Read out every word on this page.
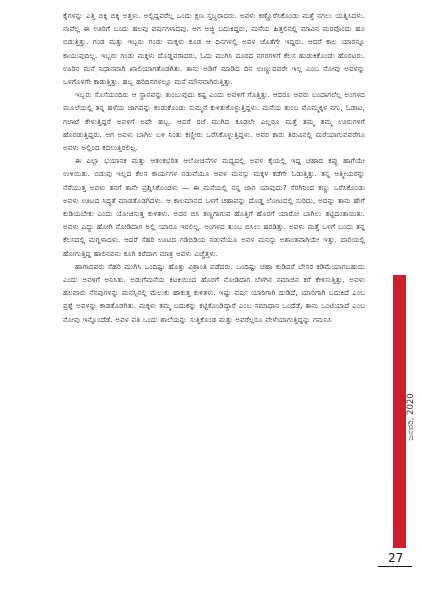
ಕೈಗಳನ್ನು ಎತ್ತಿ ಬಿಕ್ಕಿ ಬಿಕ್ಕಿ ಅತ್ತಳು. ಅಲ್ಲಿದ್ದವರೆಲ್ಲ ಒಂದು ಕ್ಷಣ ಸ್ತಬ್ಧರಾದರು. ಅವಳು ಕಣ್ಣೊರೆಸಿಕೊಂಡು ಮತ್ತೆ ನಗಲು ಯತ್ನಿಸಿದಳು. ನಾವೆಲ್ಲ ಈ ಊರಿಗೆ ಬಂದು ಹಲವು ವರ್ಷಗಳಾದವು. ಆಗ ಅಜ್ಜಿ ಬದುಕಿದ್ದರು, ಮನೆಯ ಹಿತ್ತಲಿನಲ್ಲಿ ಮಾವಿನ ಮರವೊಂದು ಹೂ ಬಿಡುತ್ತಿತ್ತು. ಗಂಡ ಮತ್ತು ಇಬ್ಬರು ಗಂಡು ಮಕ್ಕಳು ಕೂಡ ಆ ದಿನಗಳಲ್ಲಿ ಅವಳ ಜೊತೆಗೇ ಇದ್ದರು. ಆದರೆ ಕಾಲ ಯಾರನ್ನೂ ಕಾಯುವುದಿಲ್ಲ. ಇಬ್ಬರು ಗಂಡು ಮಕ್ಕಳು ದೊಡ್ಡವರಾದರು, ಓದು ಮುಗಿಸಿ ದೂರದ ನಗರಗಳಿಗೆ ಕೆಲಸ ಹುಡುಕಿಕೊಂಡು ಹೊರಟರು. ಊರಿನ ಮನೆ ನಿಧಾನವಾಗಿ ಖಾಲಿಯಾಗತೊಡಗಿತು. ತಾನು ಅಡಿಗೆ ಮಾಡಿದ ದಿನ ಉಣ್ಣುವವರೇ ಇಲ್ಲ ಎಂಬ ನೋವು ಅವಳನ್ನು ಒಳಗೊಳಗೇ ಕಾಡುತ್ತಿತ್ತು. ಹಬ್ಬ ಹರಿದಿನಗಳಲ್ಲೂ ಮನೆ ಮೌನವಾಗಿರುತ್ತಿತ್ತು.

ಇಬ್ಬರು ಸೊಸೆಯಂದಿರು ಆ ಸ್ಥಾನವನ್ನು ತುಂಬುವುದು ಕಷ್ಟ ಎಂದು ಅವಳಿಗೆ ಗೊತ್ತಿತ್ತು. ಆದರೂ ಅವರು ಬಂದಾಗಲೆಲ್ಲ ಅಂಗಳದ ಮೂಲೆಯಲ್ಲಿ ತನ್ನ ಹಳೆಯ ಜಾಗವನ್ನು ಕಂಡುಕೊಂಡು ಸುಮ್ಮನೆ ಕುಳಿತುಕೊಳ್ಳುತ್ತಿದ್ದಳು. ಮನೆಯ ತುಂಬ ಮೊಮ್ಮಕ್ಕಳ ನಗು, ಓಡಾಟ, ಗಲಾಟೆ ಕೇಳುತ್ತಿದ್ದರೆ ಅವಳಿಗೆ ಅದೇ ಹಬ್ಬ. ಆದರೆ ರಜೆ ಮುಗಿದ ಕೂಡಲೇ ಎಲ್ಲರೂ ಮತ್ತೆ ತಮ್ಮ ತಮ್ಮ ಊರುಗಳಿಗೆ ಹೊರಡುತ್ತಿದ್ದರು. ಆಗ ಅವಳು ಬಾಗಿಲ ಬಳಿ ನಿಂತು ಕಣ್ಣೀರು ಒರೆಸಿಕೊಳ್ಳುತ್ತಿದ್ದಳು. ಅವರ ಕಾರು ತಿರುವಿನಲ್ಲಿ ಮರೆಯಾಗುವವರೆಗೂ ಅವಳು ಅಲ್ಲಿಂದ ಕದಲುತ್ತಿರಲಿಲ್ಲ.

ಈ ಎಲ್ಲಾ ಭಯಾನಕ ಮತ್ತು ಆತಂಕಭರಿತ ಆಲೋಚನೆಗಳ ಮಧ್ಯದಲ್ಲಿ ಅವಳ ಕೈಯಲ್ಲಿ ಇದ್ದ ಚಹಾದ ಕಪ್ಪು ಹಾಗೆಯೇ ಉಳಿಯಿತು. ಬಿಡುವು ಇಲ್ಲದ ಕೆಲಸ ಕಾರ್ಯಗಳ ನಡುವೆಯೂ ಅವಳ ಮನಸ್ಸು ಮಕ್ಕಳ ಕಡೆಗೇ ಓಡುತ್ತಿತ್ತು. ತನ್ನ ಆತ್ಮೀಯರನ್ನು ನೆನೆಯುತ್ತ ಅವಳು ತನಗೆ ತಾನೇ ಪ್ರಶ್ನಿಸಿಕೊಂಡಳು — ಈ ಮನೆಯಲ್ಲಿ ನನ್ನ ಜಾಗ ಯಾವುದು? ಸೆರಗಿನಿಂದ ಕಣ್ಣು ಒರೆಸಿಕೊಂಡು ಅವಳು ಊಟದ ಸಿದ್ಧತೆ ಮಾಡತೊಡಗಿದಳು. ಆ ಕಾಲಮಾನದ ಒಳಗೆ ಚಹಾವನ್ನು ದೊಡ್ಡ ಲೋಟದಲ್ಲಿ ಸುರಿದು, ಅದನ್ನು ತಾನು ಹೇಗೆ ಕುಡಿಯಬೇಕು ಎಂದು ಯೋಚಿಸುತ್ತ ಕುಳಿತಳು. ಅದರ ಬಿಸಿ ತಣ್ಣಗಾಗುವ ಹೊತ್ತಿಗೆ ಹೊರಗೆ ಯಾರೋ ಬಾಗಿಲು ತಟ್ಟಿದಂತಾಯಿತು. ಅವಳು ಎದ್ದು ಹೋಗಿ ನೋಡಿದಾಗ ಅಲ್ಲಿ ಯಾರೂ ಇರಲಿಲ್ಲ. ಅಂಗಳದ ತುಂಬ ಬಿಸಿಲು ಹರಡಿತ್ತು. ಅವಳು ಮತ್ತೆ ಒಳಗೆ ಬಂದು ತನ್ನ ಕೆಲಸದಲ್ಲಿ ಮಗ್ನಳಾದಳು. ಆದರೆ ಸೆಹರಿ ಊಟದ ಗಡಿಬಿಡಿಯ ನಡುವೆಯೂ ಅವಳ ಮನಸ್ಸು ಅಶಾಂತವಾಗಿಯೇ ಇತ್ತು. ದಾರಿಯಲ್ಲಿ ಹೋಗುತ್ತಿದ್ದ ಹಾಲಿನವನು ಕೂಗಿ ಕರೆದಾಗ ಮಾತ್ರ ಅವಳು ಎಚ್ಚೆತ್ತಳು.

ಹಾಗಾದವರು ಸೆಹರಿ ಮುಗಿಸಿ ಒಂದಿಷ್ಟು ಹೊತ್ತು ವಿಶ್ರಾಂತಿ ಪಡೆದರು. ಒಂದಿಷ್ಟು ಚಹಾ ಕುಡಿದರೆ ಬೇಸರ ಕಡಿಮೆಯಾಗಬಹುದು ಎಂದು ಅವಳಿಗೆ ಅನಿಸಿತು. ಅಡುಗೆಮನೆಯ ಕಿಟಕಿಯಿಂದ ಹೊರಗೆ ನೋಡಿದಾಗ ಬೆಳಗಿನ ನಮಾಜಿನ ಕರೆ ಕೇಳಿಸುತ್ತಿತ್ತು. ಅವಳು ಹಲವಾರು ನೆನಪುಗಳನ್ನು ಮನಸ್ಸಿನಲ್ಲಿ ಮೆಲುಕು ಹಾಕುತ್ತ ಕುಳಿತಳು. ಇಷ್ಟು ವರ್ಷ ಯಾರಿಗಾಗಿ ದುಡಿದೆ, ಯಾರಿಗಾಗಿ ಬದುಕಿದೆ ಎಂಬ ಪ್ರಶ್ನೆ ಅವಳನ್ನು ಕಾಡತೊಡಗಿತು. ಮಕ್ಕಳು ತಮ್ಮ ಬದುಕನ್ನು ಕಟ್ಟಿಕೊಂಡಿದ್ದಾರೆ ಎಂಬ ಸಮಾಧಾನ ಒಂದೆಡೆ, ತಾನು ಒಂಟಿಯಾದೆ ಎಂಬ ನೋವು ಇನ್ನೊಂದೆಡೆ. ಅವಳ ಪತಿ ಒಂದು ಶಾಲೆಯನ್ನು ಸುತ್ತಿಕೊಂಡ ಮತ್ತು ಅವರೆಲ್ಲರೂ ವೇಳೆಯಾಗುತ್ತಿದ್ದನ್ನು ಗಮನಿಸಿ

ಜನವರಿ, 2020
ಮಯೂರ
27
